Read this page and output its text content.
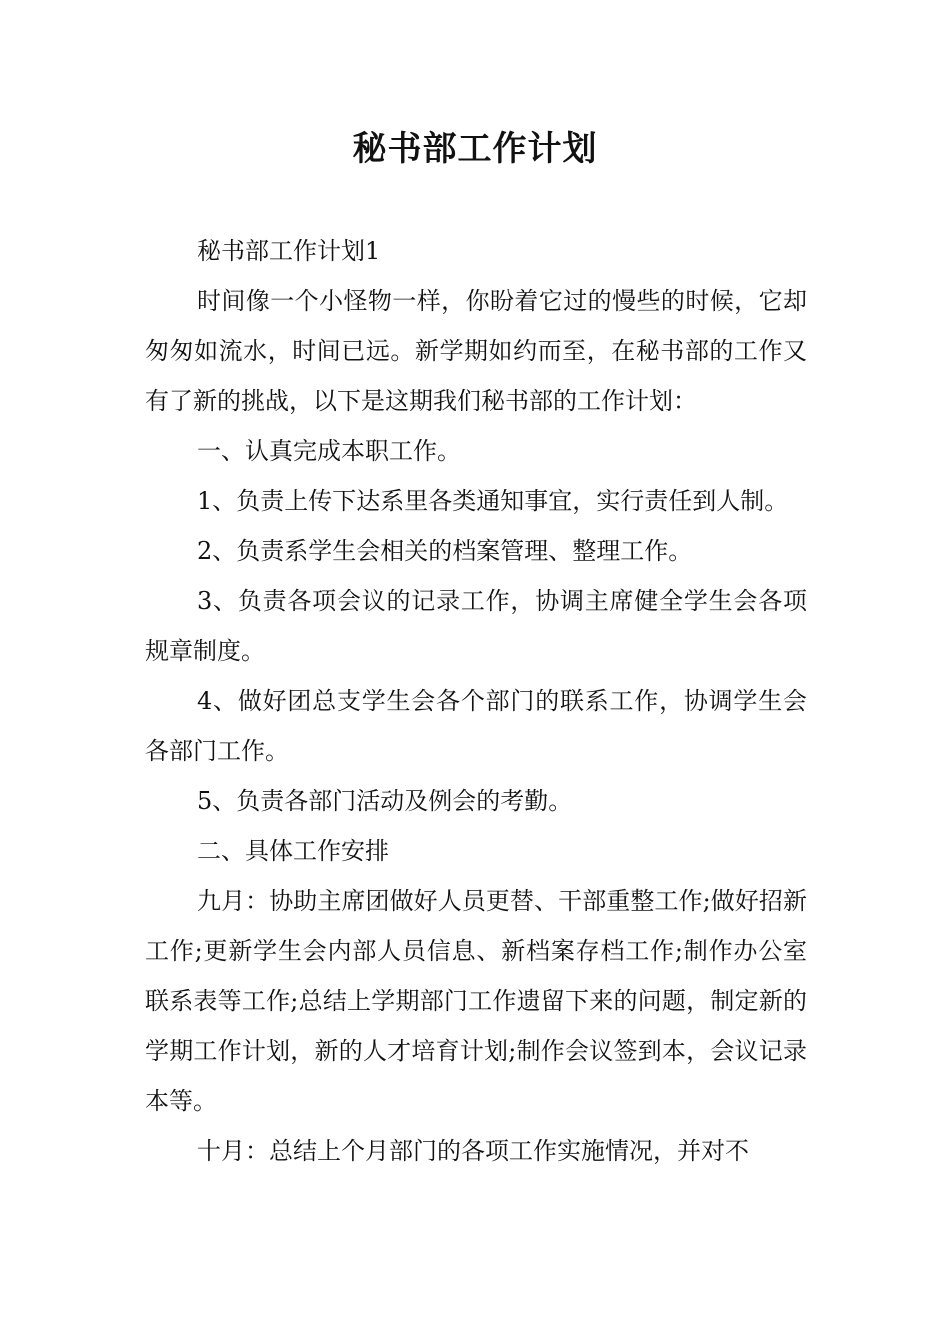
秘书部工作计划

秘书部工作计划1

时间像一个小怪物一样，你盼着它过的慢些的时候，它却匆匆如流水，时间已远。新学期如约而至，在秘书部的工作又有了新的挑战，以下是这期我们秘书部的工作计划：

一、认真完成本职工作。

1、负责上传下达系里各类通知事宜，实行责任到人制。

2、负责系学生会相关的档案管理、整理工作。

3、负责各项会议的记录工作，协调主席健全学生会各项规章制度。

4、做好团总支学生会各个部门的联系工作，协调学生会各部门工作。

5、负责各部门活动及例会的考勤。

二、具体工作安排

九月：协助主席团做好人员更替、干部重整工作;做好招新工作;更新学生会内部人员信息、新档案存档工作;制作办公室联系表等工作;总结上学期部门工作遗留下来的问题，制定新的学期工作计划，新的人才培育计划;制作会议签到本，会议记录本等。

十月：总结上个月部门的各项工作实施情况，并对不
